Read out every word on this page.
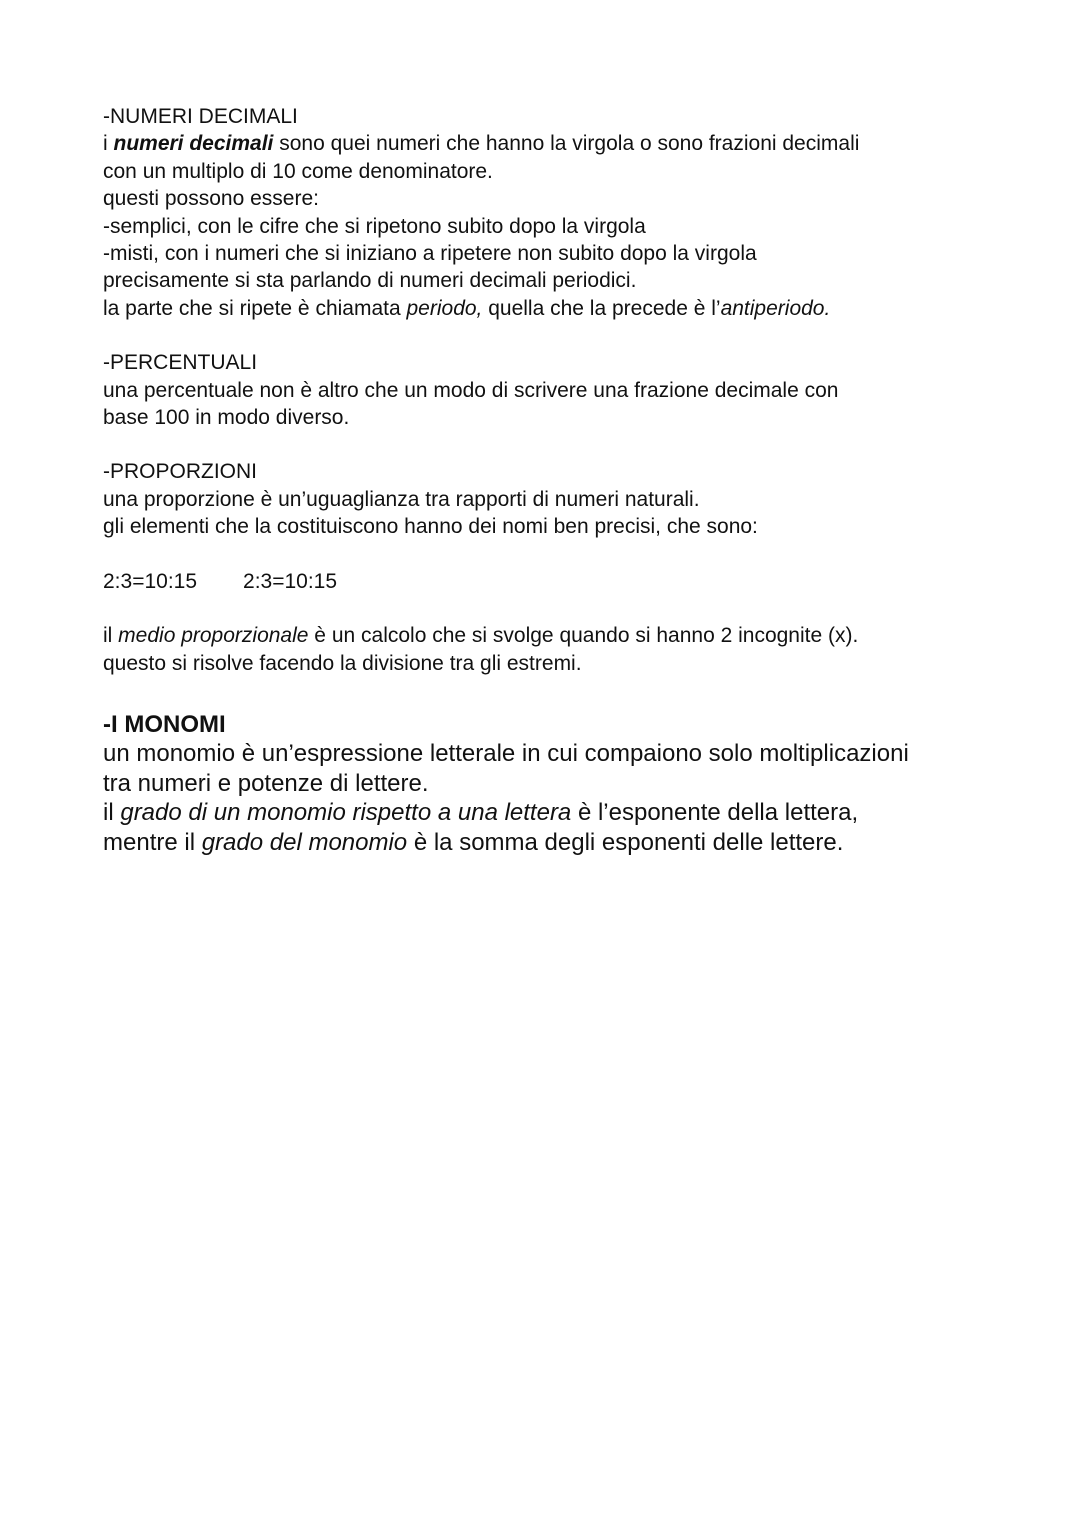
-NUMERI DECIMALI
i numeri decimali sono quei numeri che hanno la virgola o sono frazioni decimali
con un multiplo di 10 come denominatore.
questi possono essere:
-semplici, con le cifre che si ripetono subito dopo la virgola
-misti, con i numeri che si iniziano a ripetere non subito dopo la virgola
precisamente si sta parlando di numeri decimali periodici.
la parte che si ripete è chiamata periodo, quella che la precede è l’antiperiodo.
-PERCENTUALI
una percentuale non è altro che un modo di scrivere una frazione decimale con
base 100 in modo diverso.
-PROPORZIONI
una proporzione è un’uguaglianza tra rapporti di numeri naturali.
gli elementi che la costituiscono hanno dei nomi ben precisi, che sono:
2:3=10:15 2:3=10:15
il medio proporzionale è un calcolo che si svolge quando si hanno 2 incognite (x).
questo si risolve facendo la divisione tra gli estremi.
-I MONOMI
un monomio è un’espressione letterale in cui compaiono solo moltiplicazioni
tra numeri e potenze di lettere.
il grado di un monomio rispetto a una lettera è l’esponente della lettera,
mentre il grado del monomio è la somma degli esponenti delle lettere.
